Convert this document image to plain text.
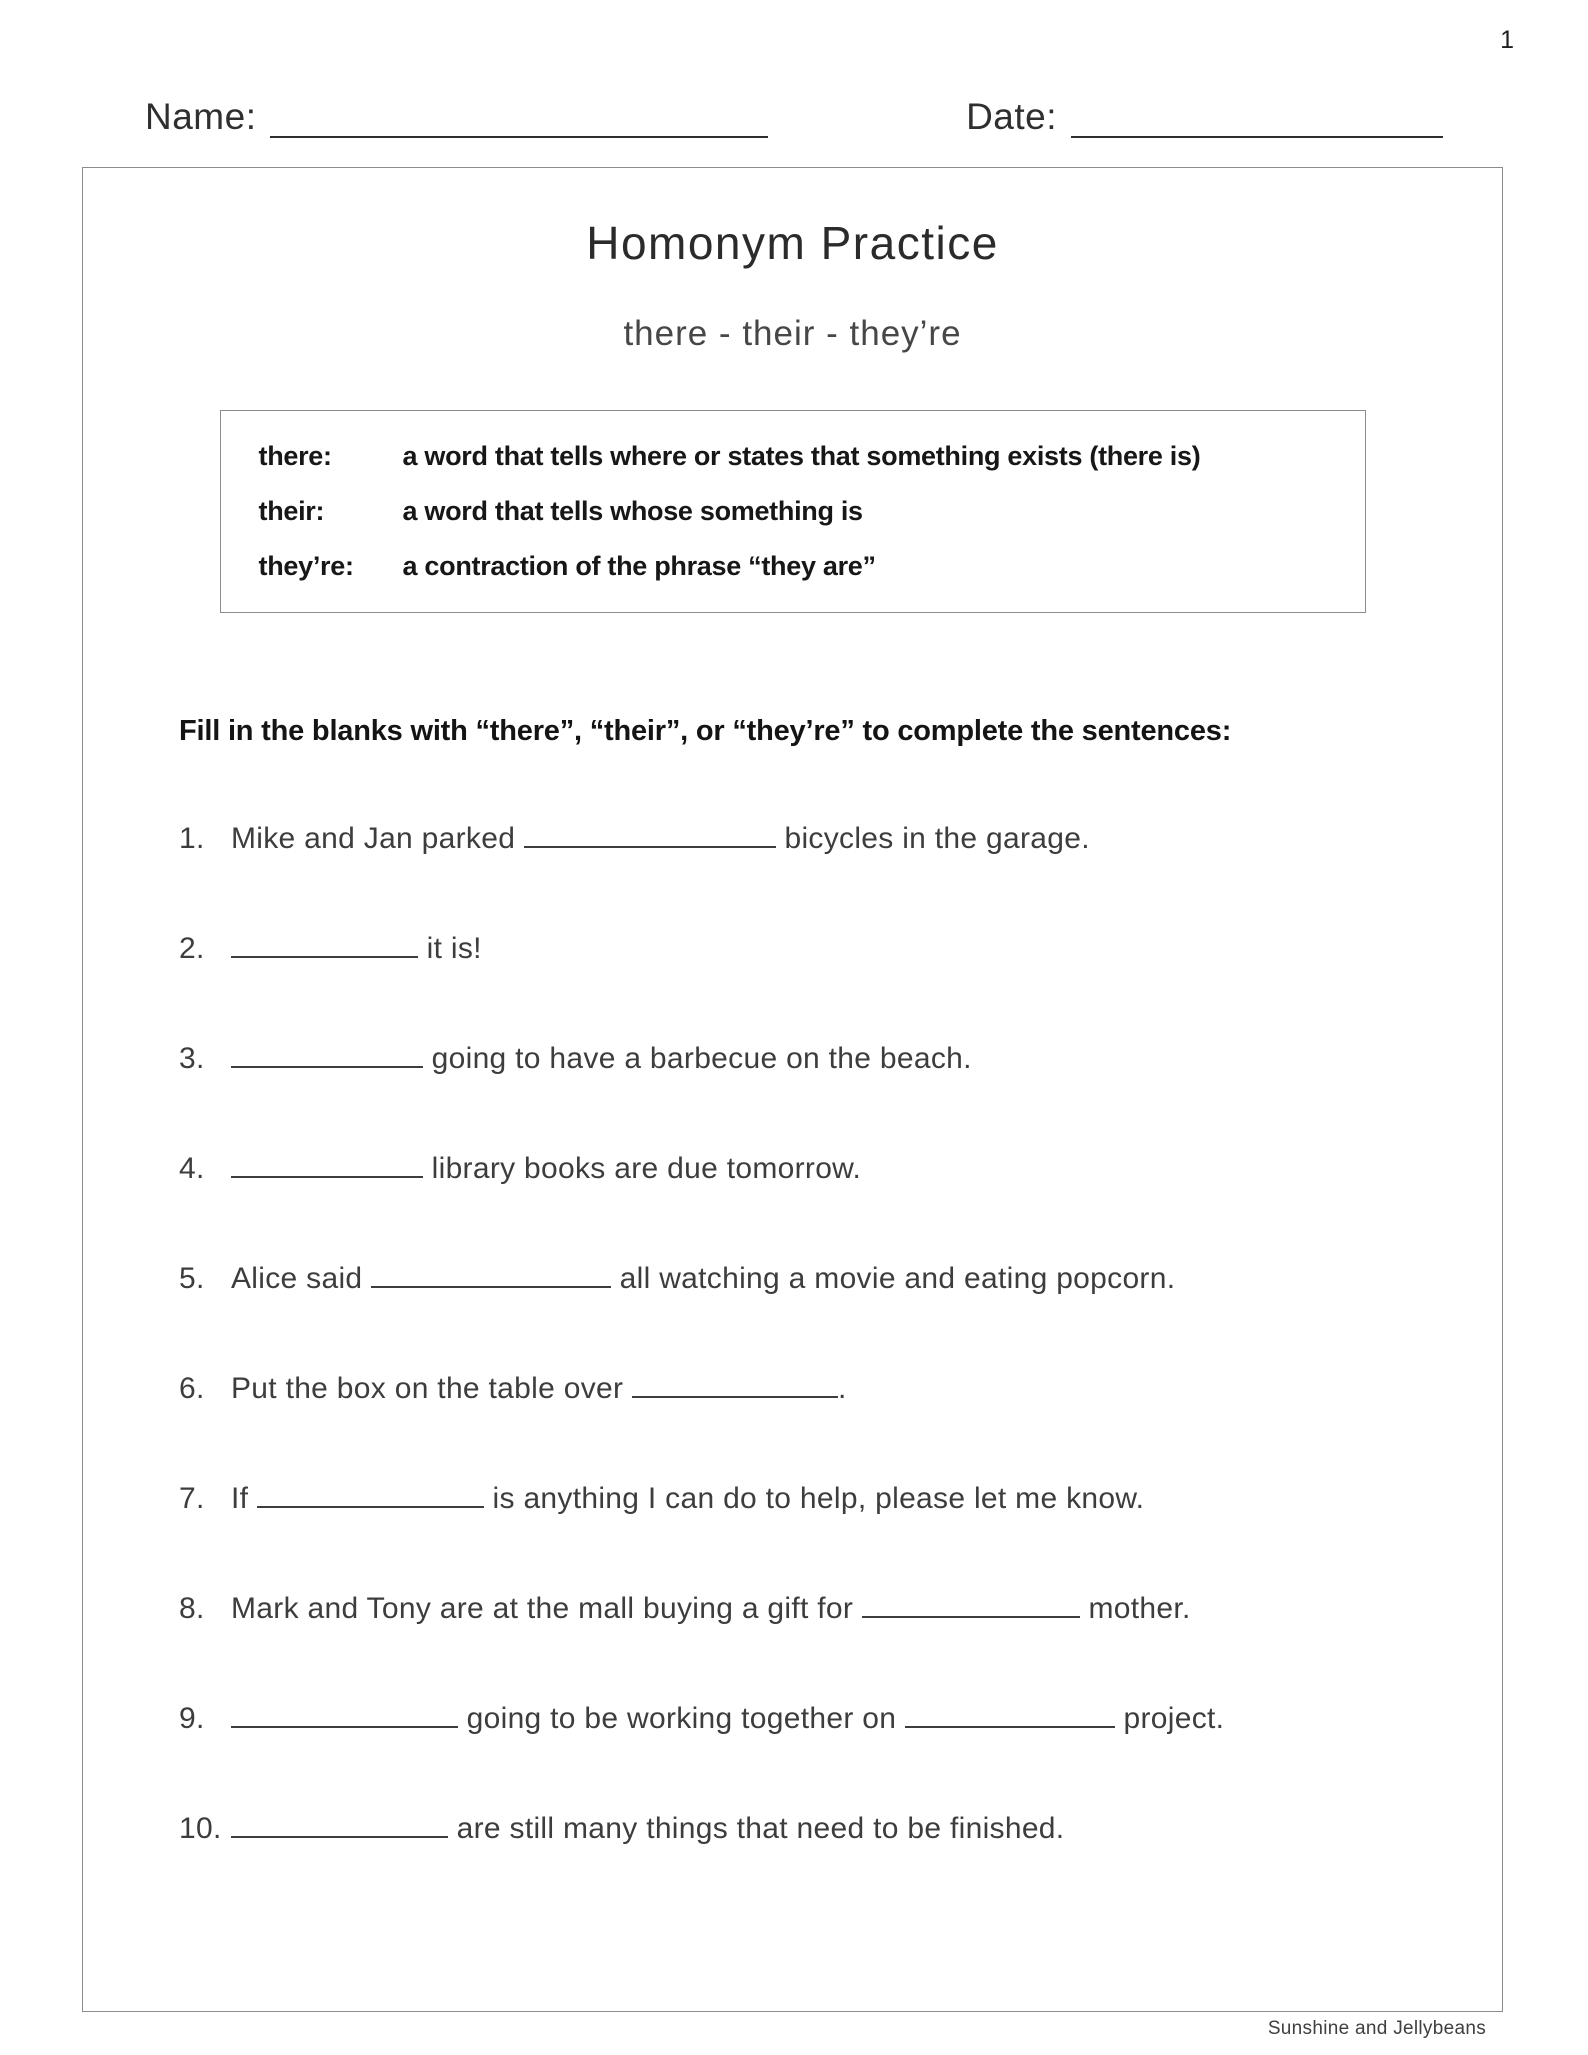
1
Name:	Date:
Homonym Practice
there - their - they’re
there:	a word that tells where or states that something exists (there is)
their:	a word that tells whose something is
they’re:	a contraction of the phrase “they are”
Fill in the blanks with “there”, “their”, or “they’re” to complete the sentences:
1. Mike and Jan parked	bicycles in the garage.
2.	it is!
3.	going to have a barbecue on the beach.
4.	library books are due tomorrow.
5. Alice said	all watching a movie and eating popcorn.
6. Put the box on the table over	.
7. If	is anything I can do to help, please let me know.
8. Mark and Tony are at the mall buying a gift for	mother.
9.	going to be working together on	project.
10.	are still many things that need to be finished.
Sunshine and Jellybeans
